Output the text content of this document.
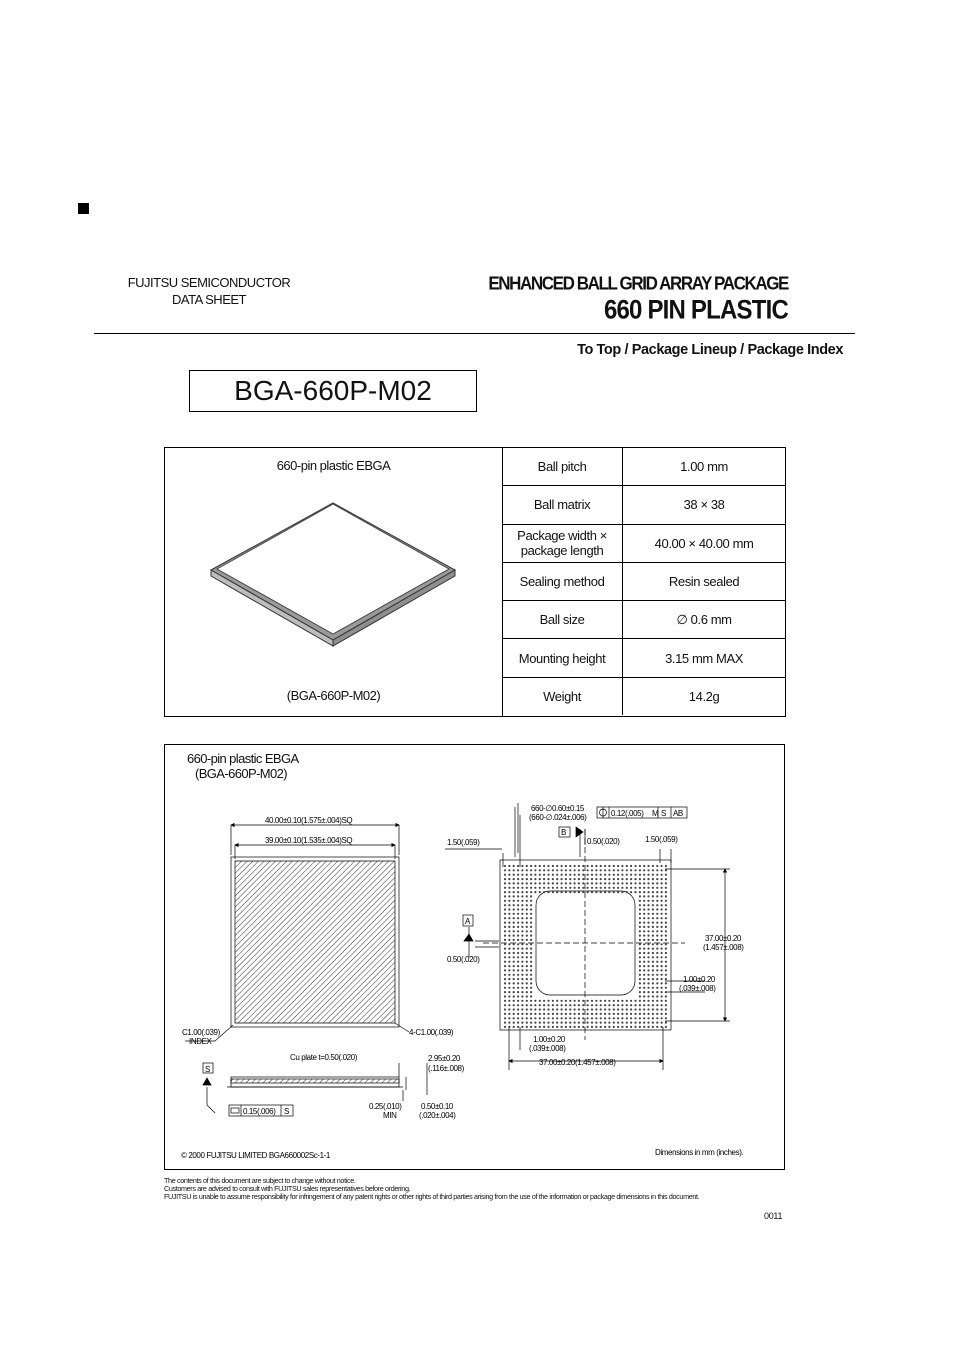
FUJITSU SEMICONDUCTOR
DATA SHEET
ENHANCED BALL GRID ARRAY PACKAGE
660 PIN PLASTIC
To Top / Package Lineup / Package Index
BGA-660P-M02
660-pin plastic EBGA
(BGA-660P-M02)
Ball pitch	1.00 mm
Ball matrix	38 × 38
Package width × package length	40.00 × 40.00 mm
Sealing method	Resin sealed
Ball size	∅ 0.6 mm
Mounting height	3.15 mm MAX
Weight	14.2g
660-pin plastic EBGA
(BGA-660P-M02)
40.00±0.10(1.575±.004)SQ
39.00±0.10(1.535±.004)SQ
C1.00(.039)
INDEX
4-C1.00(.039)
Cu plate t=0.50(.020)	2.95±0.20
(.116±.008)
S
0.15(.006) S
0.25(.010)
MIN
0.50±0.10
(.020±.004)
660-∅0.60±0.15
(660-∅.024±.006)	0.12(.005) M S AB
B
A
1.50(.059)	0.50(.020)	1.50(.059)
0.50(.020)
37.00±0.20
(1.457±.008)
1.00±0.20
(.039±.008)
1.00±0.20
(.039±.008)
37.00±0.20(1.457±.008)
© 2000 FUJITSU LIMITED BGA660002Sc-1-1	Dimensions in mm (inches).
The contents of this document are subject to change without notice.
Customers are advised to consult with FUJITSU sales representatives before ordering.
FUJITSU is unable to assume responsibility for infringement of any patent rights or other rights of third parties arising from the use of the information or package dimensions in this document.
0011
